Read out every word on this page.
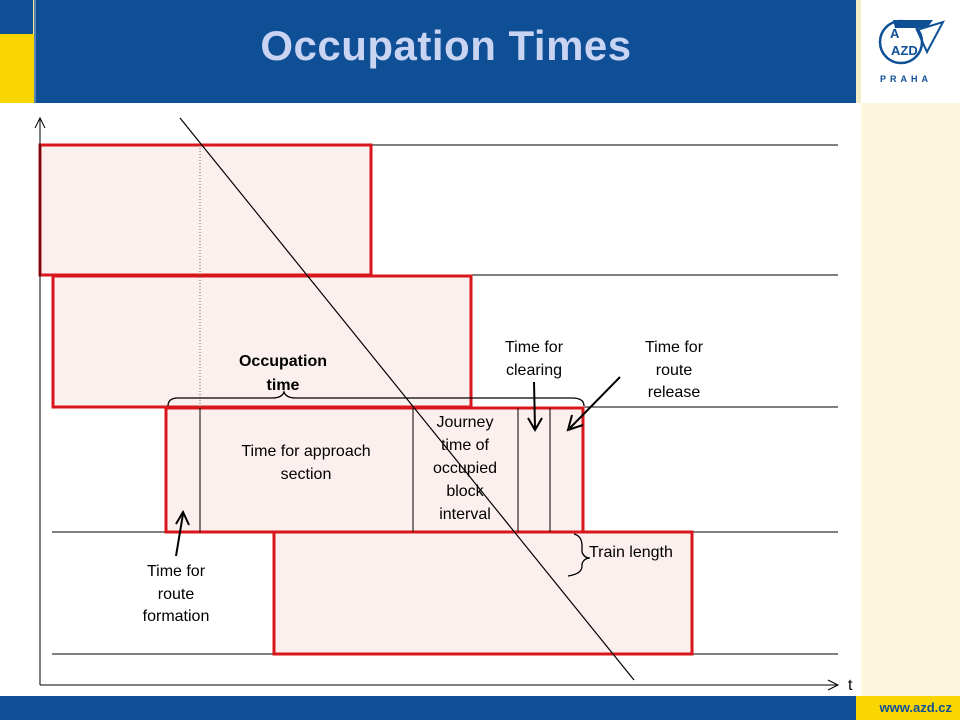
Occupation Times	A
AZD
PRAHA
t
Occupation
time
Time for approach
section
Journey
time of
occupied
block
interval
Time for
clearing
Time for
route
release
Time for
route
formation
Train length
www.azd.cz
